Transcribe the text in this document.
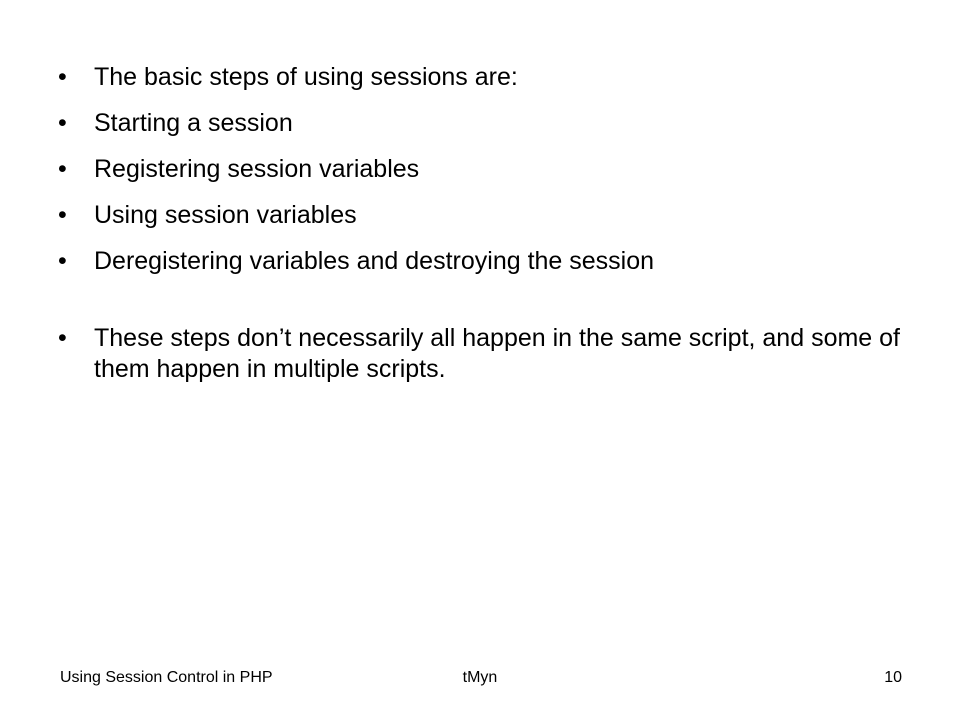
• The basic steps of using sessions are:
• Starting a session
• Registering session variables
• Using session variables
• Deregistering variables and destroying the session
• These steps don’t necessarily all happen in the same script, and some of them happen in multiple scripts.
Using Session Control in PHP	tMyn	10
